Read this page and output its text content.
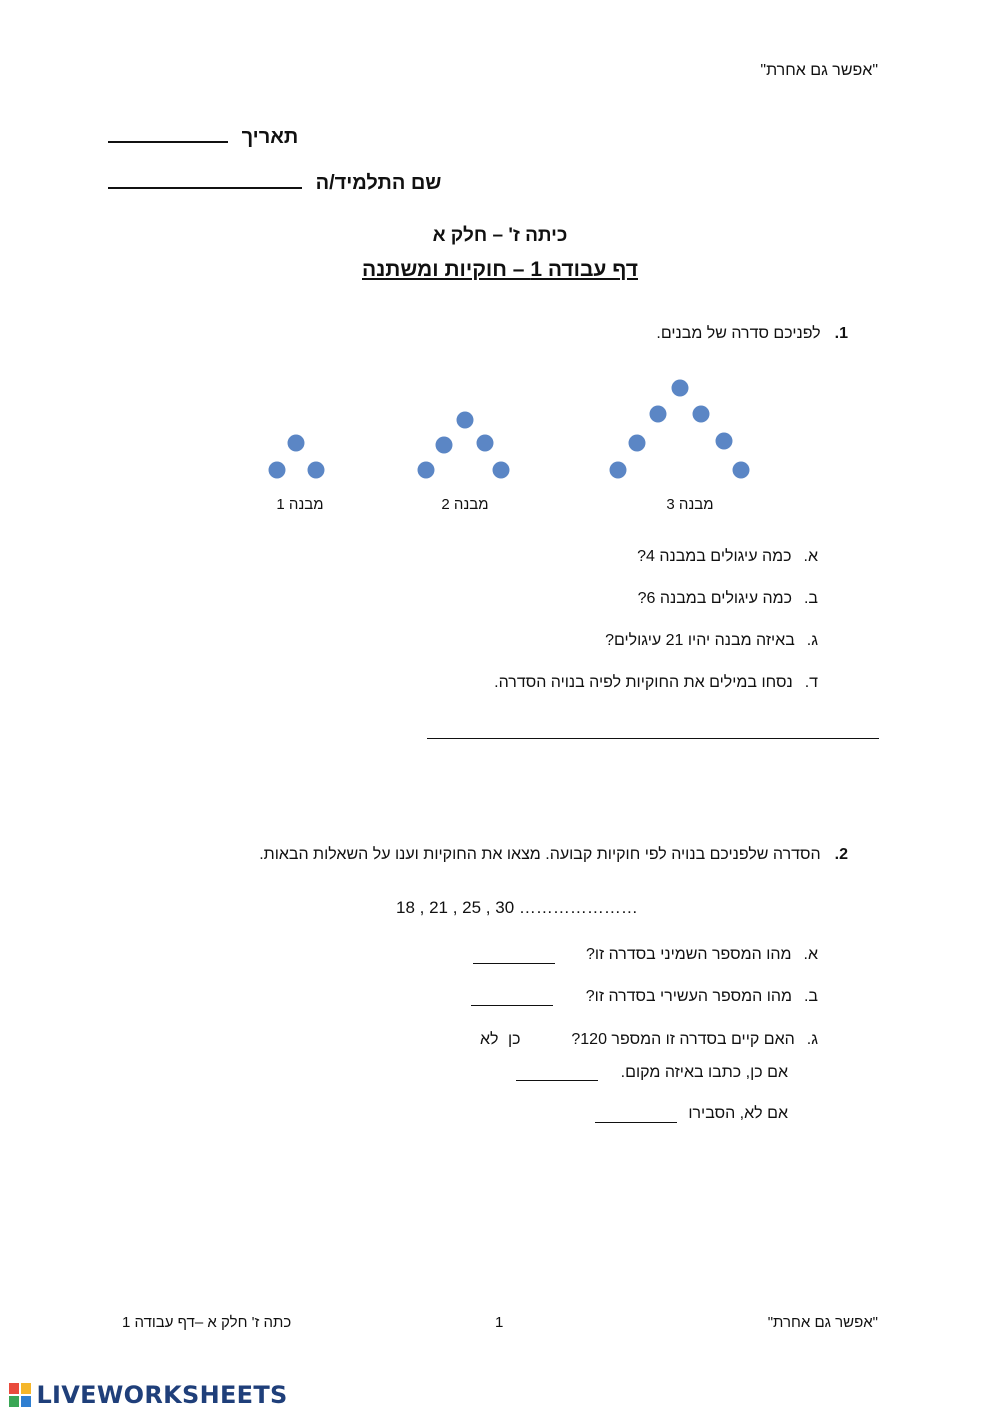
"אפשר גם אחרת"
תאריך
שם התלמיד/ה
כיתה ז' – חלק א
דף עבודה 1 – חוקיות ומשתנה
1.לפניכם סדרה של מבנים.
מבנה 1	מבנה 2	מבנה 3
א.כמה עיגולים במבנה 4?
ב.כמה עיגולים במבנה 6?
ג.באיזה מבנה יהיו 21 עיגולים?
ד.נסחו במילים את החוקיות לפיה בנויה הסדרה.
2.הסדרה שלפניכם בנויה לפי חוקיות קבועה. מצאו את החוקיות וענו על השאלות הבאות.
18 , 21 , 25 , 30 …………………
א.מהו המספר השמיני בסדרה זו?
ב.מהו המספר העשירי בסדרה זו?
ג.האם קיים בסדרה זו המספר 120?
כן
לא
אם כן, כתבו באיזה מקום.
אם לא, הסבירו
כתה ז' חלק א –דף עבודה 1	1	"אפשר גם אחרת"
LIVEWORKSHEETS
